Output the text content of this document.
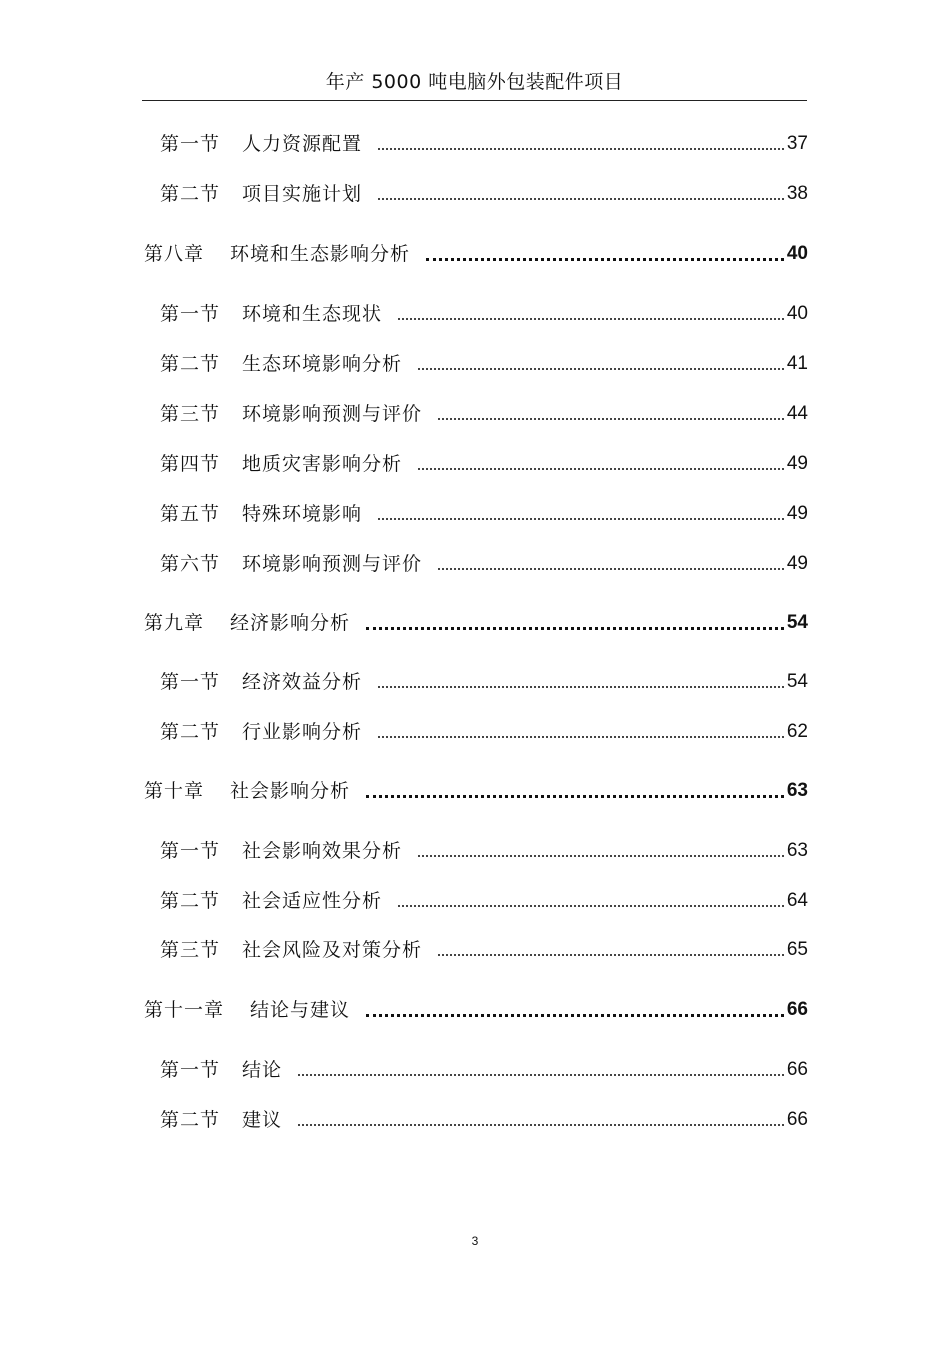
年产 5000 吨电脑外包装配件项目
第一节 人力资源配置	37
第二节 项目实施计划	38
第八章 环境和生态影响分析	40
第一节 环境和生态现状	40
第二节 生态环境影响分析	41
第三节 环境影响预测与评价	44
第四节 地质灾害影响分析	49
第五节 特殊环境影响	49
第六节 环境影响预测与评价	49
第九章 经济影响分析	54
第一节 经济效益分析	54
第二节 行业影响分析	62
第十章 社会影响分析	63
第一节 社会影响效果分析	63
第二节 社会适应性分析	64
第三节 社会风险及对策分析	65
第十一章 结论与建议	66
第一节 结论	66
第二节 建议	66
3
